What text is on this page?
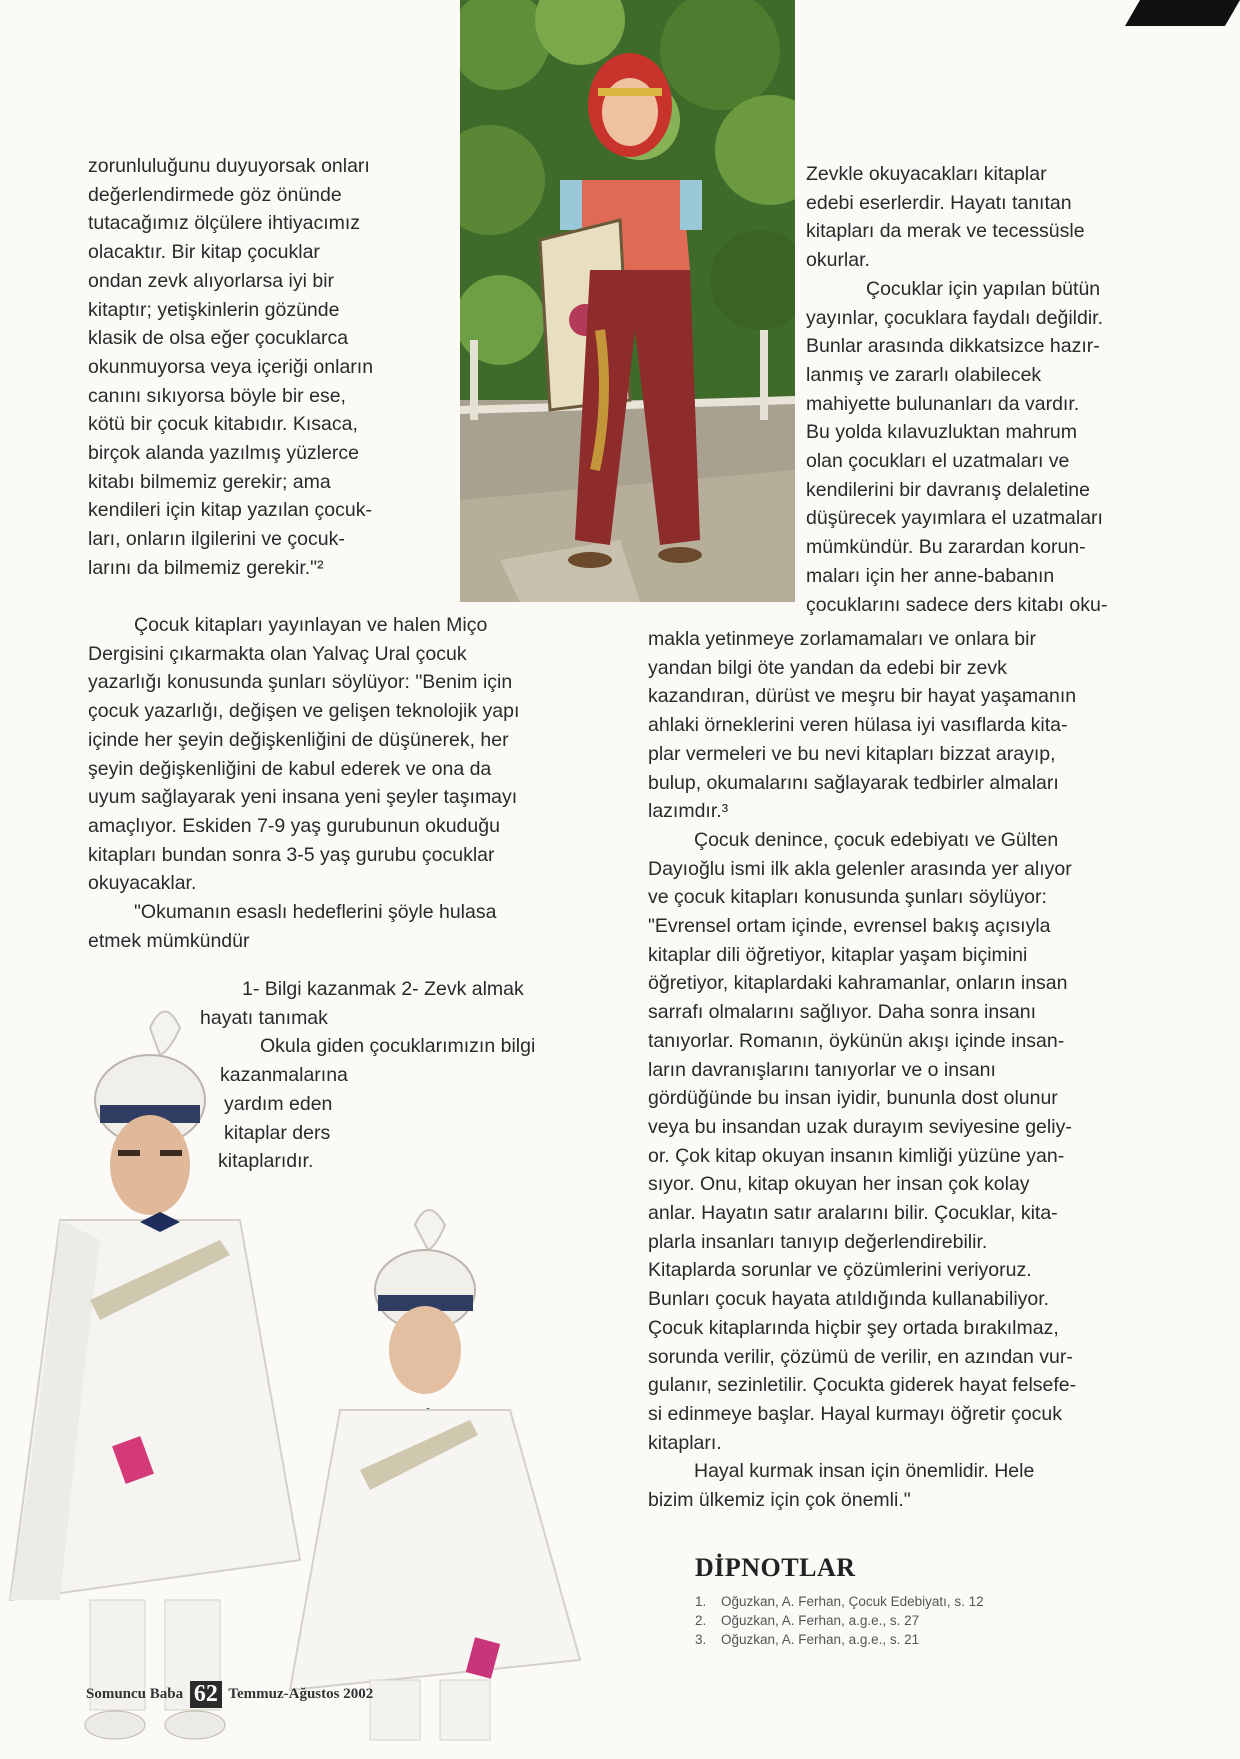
zorunluluğunu duyuyorsak onları
değerlendirmede göz önünde
tutacağımız ölçülere ihtiyacımız
olacaktır. Bir kitap çocuklar
ondan zevk alıyorlarsa iyi bir
kitaptır; yetişkinlerin gözünde
klasik de olsa eğer çocuklarca
okunmuyorsa veya içeriği onların
canını sıkıyorsa böyle bir ese,
kötü bir çocuk kitabıdır. Kısaca,
birçok alanda yazılmış yüzlerce
kitabı bilmemiz gerekir; ama
kendileri için kitap yazılan çocuk-
ları, onların ilgilerini ve çocuk-
larını da bilmemiz gerekir."²
Çocuk kitapları yayınlayan ve halen Miço
Dergisini çıkarmakta olan Yalvaç Ural çocuk
yazarlığı konusunda şunları söylüyor: "Benim için
çocuk yazarlığı, değişen ve gelişen teknolojik yapı
içinde her şeyin değişkenliğini de düşünerek, her
şeyin değişkenliğini de kabul ederek ve ona da
uyum sağlayarak yeni insana yeni şeyler taşımayı
amaçlıyor. Eskiden 7-9 yaş gurubunun okuduğu
kitapları bundan sonra 3-5 yaş gurubu çocuklar
okuyacaklar.
"Okumanın esaslı hedeflerini şöyle hulasa
etmek mümkündür
1- Bilgi kazanmak 2- Zevk almak
hayatı tanımak
Okula giden çocuklarımızın bilgi
kazanmalarına
yardım eden
kitaplar ders
kitaplarıdır.
Zevkle okuyacakları kitaplar
edebi eserlerdir. Hayatı tanıtan
kitapları da merak ve tecessüsle
okurlar.
Çocuklar için yapılan bütün
yayınlar, çocuklara faydalı değildir.
Bunlar arasında dikkatsizce hazır-
lanmış ve zararlı olabilecek
mahiyette bulunanları da vardır.
Bu yolda kılavuzluktan mahrum
olan çocukları el uzatmaları ve
kendilerini bir davranış delaletine
düşürecek yayımlara el uzatmaları
mümkündür. Bu zarardan korun-
maları için her anne-babanın
çocuklarını sadece ders kitabı oku-
makla yetinmeye zorlamamaları ve onlara bir
yandan bilgi öte yandan da edebi bir zevk
kazandıran, dürüst ve meşru bir hayat yaşamanın
ahlaki örneklerini veren hülasa iyi vasıflarda kita-
plar vermeleri ve bu nevi kitapları bizzat arayıp,
bulup, okumalarını sağlayarak tedbirler almaları
lazımdır.³
Çocuk denince, çocuk edebiyatı ve Gülten
Dayıoğlu ismi ilk akla gelenler arasında yer alıyor
ve çocuk kitapları konusunda şunları söylüyor:
"Evrensel ortam içinde, evrensel bakış açısıyla
kitaplar dili öğretiyor, kitaplar yaşam biçimini
öğretiyor, kitaplardaki kahramanlar, onların insan
sarrafı olmalarını sağlıyor. Daha sonra insanı
tanıyorlar. Romanın, öykünün akışı içinde insan-
ların davranışlarını tanıyorlar ve o insanı
gördüğünde bu insan iyidir, bununla dost olunur
veya bu insandan uzak durayım seviyesine geliy-
or. Çok kitap okuyan insanın kimliği yüzüne yan-
sıyor. Onu, kitap okuyan her insan çok kolay
anlar. Hayatın satır aralarını bilir. Çocuklar, kita-
plarla insanları tanıyıp değerlendirebilir.
Kitaplarda sorunlar ve çözümlerini veriyoruz.
Bunları çocuk hayata atıldığında kullanabiliyor.
Çocuk kitaplarında hiçbir şey ortada bırakılmaz,
sorunda verilir, çözümü de verilir, en azından vur-
gulanır, sezinletilir. Çocukta giderek hayat felsefe-
si edinmeye başlar. Hayal kurmayı öğretir çocuk
kitapları.
Hayal kurmak insan için önemlidir. Hele
bizim ülkemiz için çok önemli."
DİPNOTLAR
1. Oğuzkan, A. Ferhan, Çocuk Edebiyatı, s. 12
2. Oğuzkan, A. Ferhan, a.g.e., s. 27
3. Oğuzkan, A. Ferhan, a.g.e., s. 21
Somuncu Baba 62 Temmuz-Ağustos 2002
